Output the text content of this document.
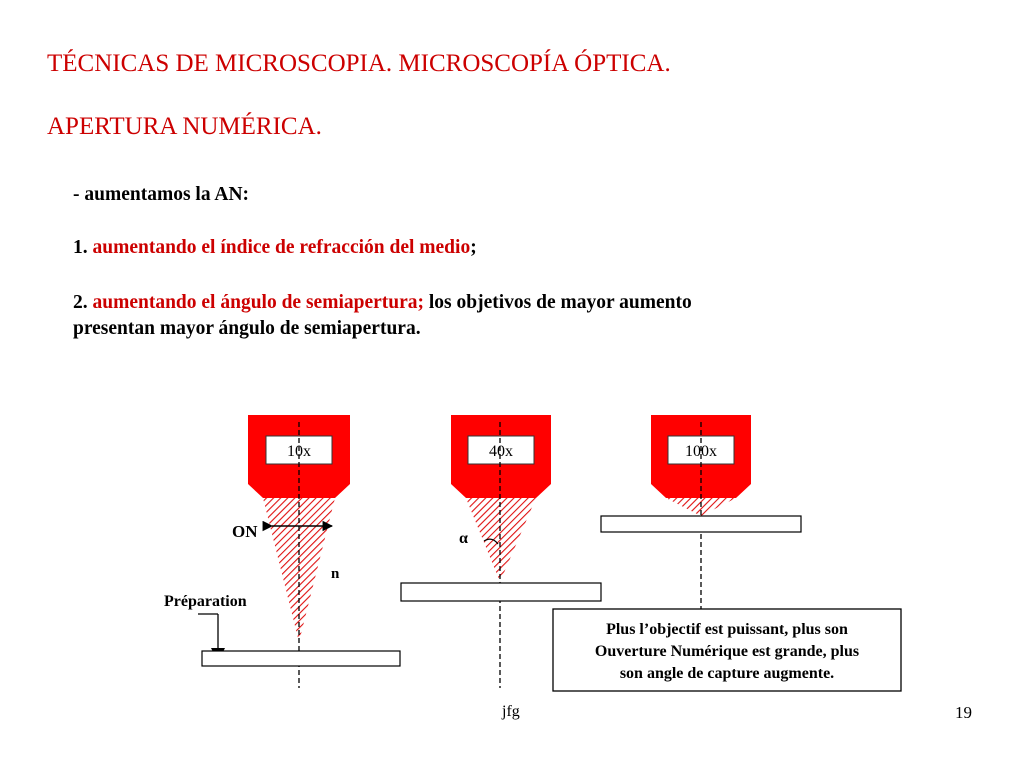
TÉCNICAS DE MICROSCOPIA. MICROSCOPÍA ÓPTICA.
APERTURA NUMÉRICA.
- aumentamos la AN:
1. aumentando el índice de refracción del medio;
2. aumentando el ángulo de semiapertura; los objetivos de mayor aumento
presentan mayor ángulo de semiapertura.
10x
ON
n
Préparation
40x
α
100x
Plus l’objectif est puissant, plus son
Ouverture Numérique est grande, plus
son angle de capture augmente.
jfg	19
